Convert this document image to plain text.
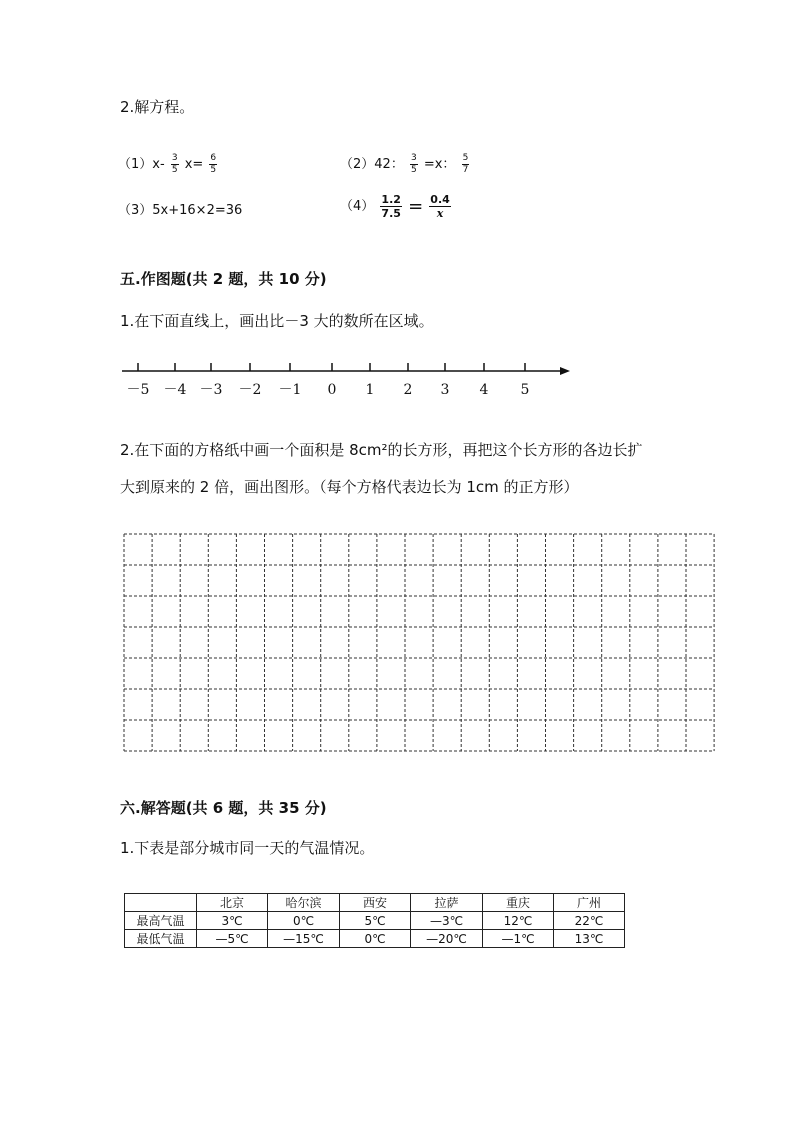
2.解方程。
$(1)x- \frac{3}{5} x= \frac{6}{5}$	（2）42： $\frac{3}{5} =x$： $\frac{5}{7}$
（3）5x+16×2=36	$(4) \frac{1.2}{7.5} = \frac{0.4}{x}$
五.作图题(共 2 题，共 10 分)
1.在下面直线上，画出比－3 大的数所在区域。
－5 －4 －3 －2 －1 0 1 2 3 4 5
2.在下面的方格纸中画一个面积是 8cm²的长方形，再把这个长方形的各边长扩
大到原来的 2 倍，画出图形。（每个方格代表边长为 1cm 的正方形）
六.解答题(共 6 题，共 35 分)
1.下表是部分城市同一天的气温情况。
	北京	哈尔滨	西安	拉萨	重庆	广州
最高气温	3℃	0℃	5℃	—3℃	12℃	22℃
最低气温	—5℃	—15℃	0℃	—20℃	—1℃	13℃
